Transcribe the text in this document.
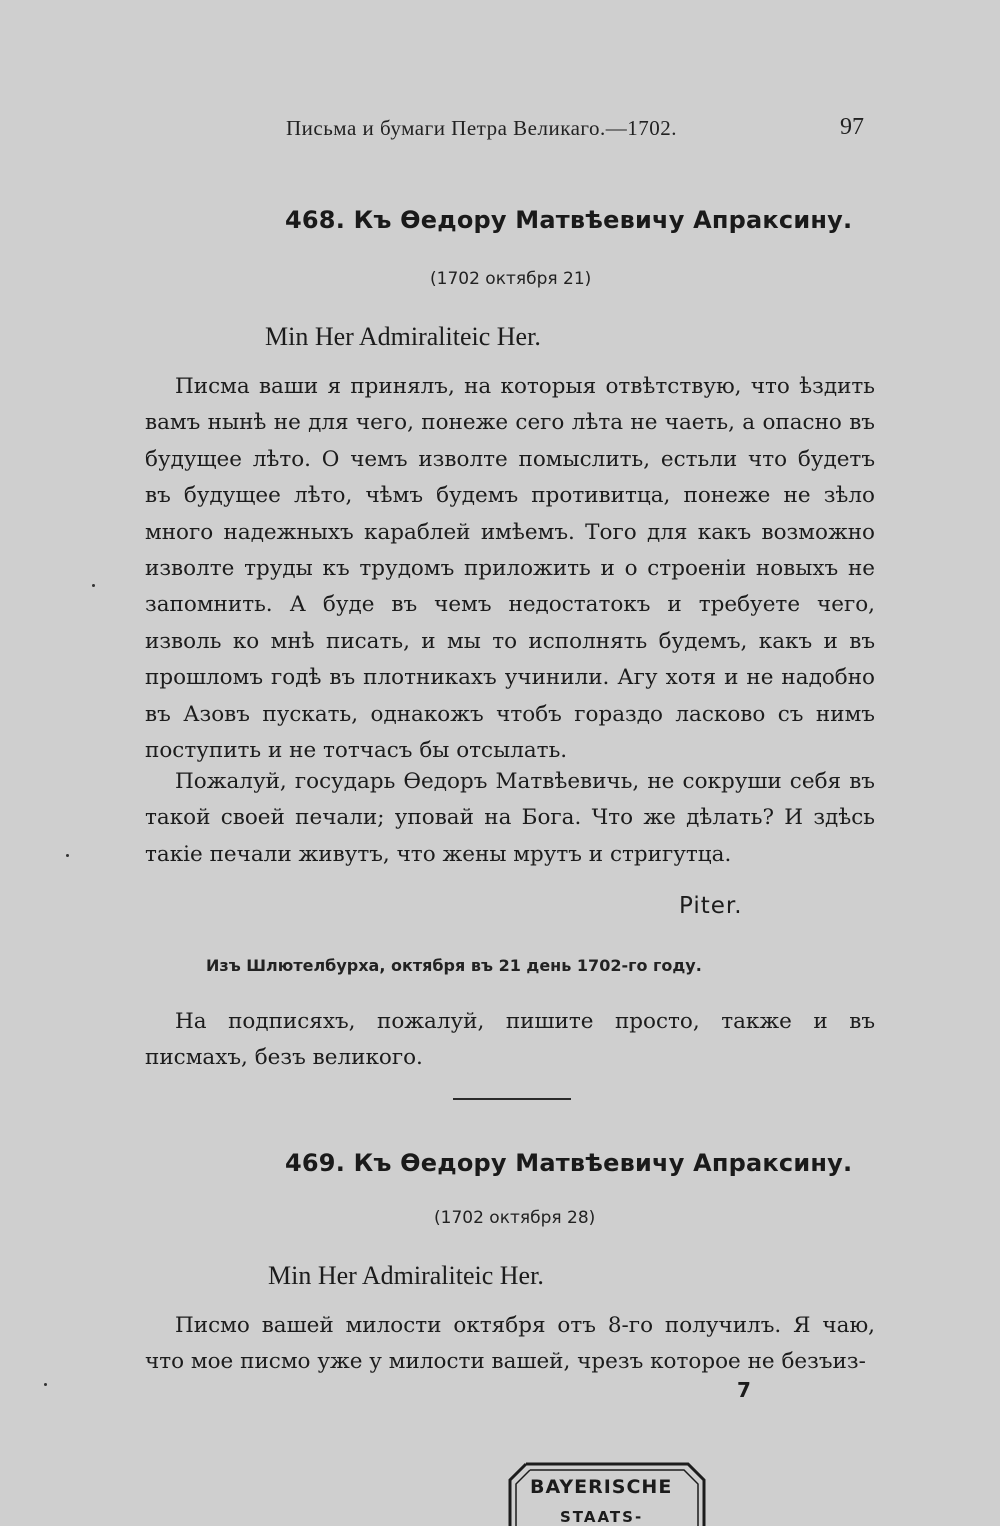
Письма и бумаги Петра Великаго.—1702.	97
468. Къ Өедору Матвѣевичу Апраксину.
(1702 октября 21)
Min Her Admiraliteic Her.
Писма ваши я принялъ, на которыя отвѣтствую, что ѣздить вамъ нынѣ не для чего, понеже сего лѣта не чаеть, а опасно въ будущее лѣто. О чемъ изволте помыслить, естьли что будетъ въ будущее лѣто, чѣмъ будемъ противитца, понеже не зѣло много надежныхъ караблей имѣемъ. Того для какъ возможно изволте труды къ трудомъ приложить и о строенiи новыхъ не запомнить. А буде въ чемъ недостатокъ и требуете чего, изволь ко мнѣ писать, и мы то исполнять будемъ, какъ и въ прошломъ годѣ въ плотникахъ учинили. Агу хотя и не надобно въ Азовъ пускать, однакожъ чтобъ гораздо ласково съ нимъ поступить и не тотчасъ бы отсылать.
Пожалуй, государь Өедоръ Матвѣевичь, не сокруши себя въ такой своей печали; уповай на Бога. Что же дѣлать? И здѣсь такiе печали живутъ, что жены мрутъ и стригутца.
Piter.
Изъ Шлютелбурха, октября въ 21 день 1702-го году.
На подписяхъ, пожалуй, пишите просто, также и въ писмахъ, безъ великого.
469. Къ Өедору Матвѣевичу Апраксину.
(1702 октября 28)
Min Her Admiraliteic Her.
Писмо вашей милости октября отъ 8-го получилъ. Я чаю, что мое писмо уже у милости вашей, чрезъ которое не безъиз-
7
BAYERISCHE
STAATS-
